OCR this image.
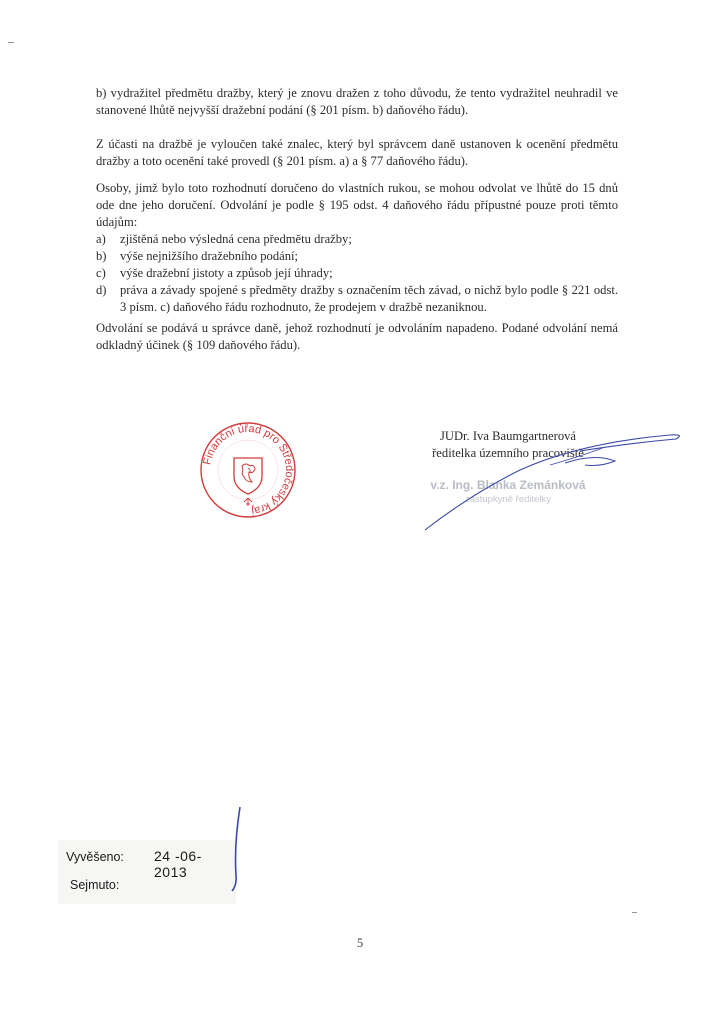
b) vydražitel předmětu dražby, který je znovu dražen z toho důvodu, že tento vydražitel neuhradil ve stanovené lhůtě nejvyšší dražební podání (§ 201 písm. b) daňového řádu).

Z účasti na dražbě je vyloučen také znalec, který byl správcem daně ustanoven k ocenění předmětu dražby a toto ocenění také provedl (§ 201 písm. a) a § 77 daňového řádu).

Osoby, jimž bylo toto rozhodnutí doručeno do vlastních rukou, se mohou odvolat ve lhůtě do 15 dnů ode dne jeho doručení. Odvolání je podle § 195 odst. 4 daňového řádu přípustné pouze proti těmto údajům:

a) zjištěná nebo výsledná cena předmětu dražby;
b) výše nejnižšího dražebního podání;
c) výše dražební jistoty a způsob její úhrady;
d) práva a závady spojené s předměty dražby s označením těch závad, o nichž bylo podle § 221 odst. 3 písm. c) daňového řádu rozhodnuto, že prodejem v dražbě nezaniknou.

Odvolání se podává u správce daně, jehož rozhodnutí je odvoláním napadeno. Podané odvolání nemá odkladný účinek (§ 109 daňového řádu).

Finanční úřad pro Středočeský kraj
JUDr. Iva Baumgartnerová
ředitelka územního pracoviště
v.z. Ing. Blanka Zemánková
zástupkyně ředitelky
Vyvěšeno: 24 -06- 2013
Sejmuto:
5
